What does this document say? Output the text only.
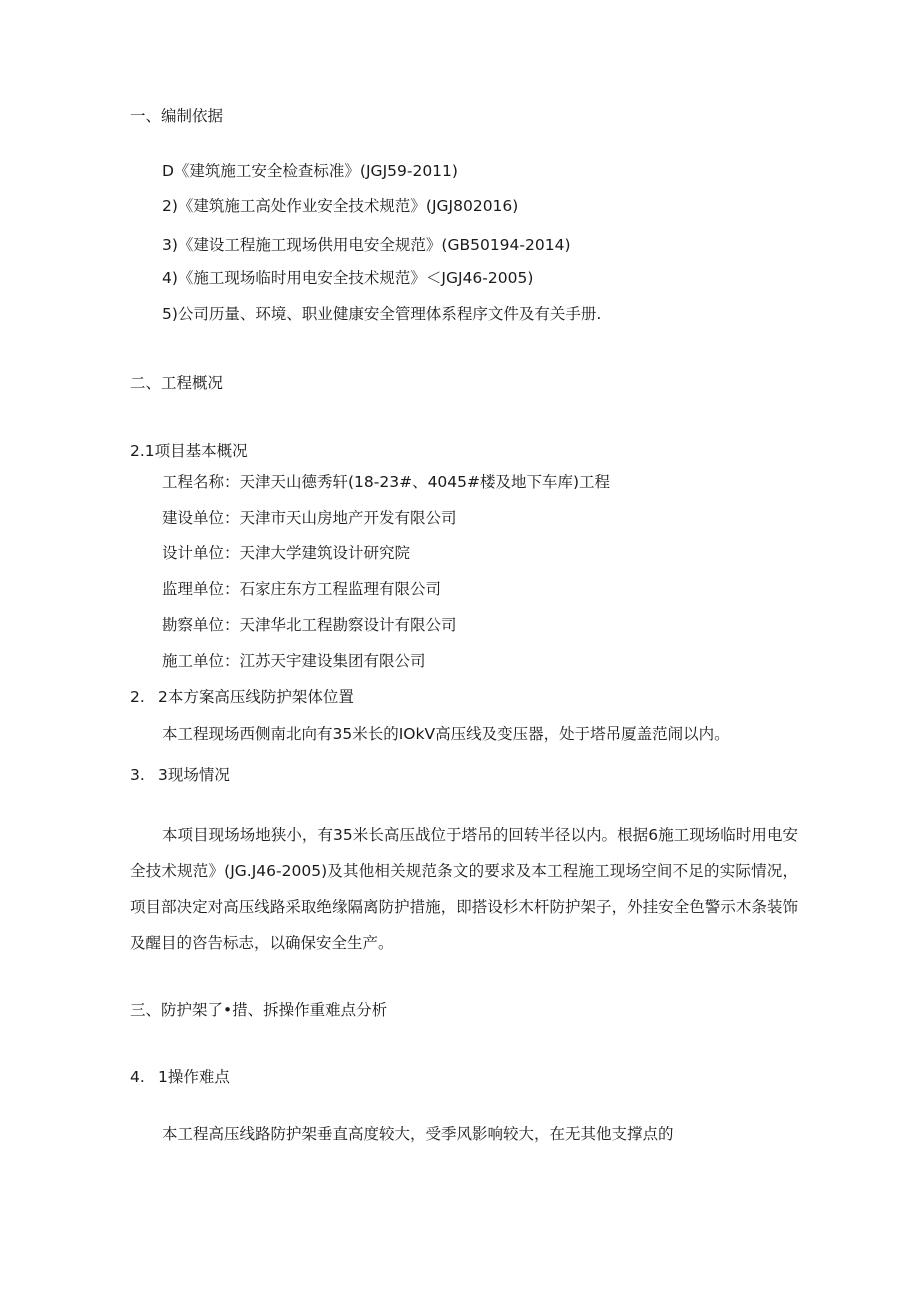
一、编制依据
D《建筑施工安全检查标准》(JGJ59-2011)
2)《建筑施工高处作业安全技术规范》(JGJ802016)
3)《建设工程施工现场供用电安全规范》(GB50194-2014)
4)《施工现场临时用电安全技术规范》＜JGJ46-2005)
5)公司历量、环境、职业健康安全管理体系程序文件及有关手册.
二、工程概况
2.1项目基本概况
工程名称：天津天山德秀轩(18-23#、4045#楼及地下车库)工程
建设单位：天津市天山房地产开发有限公司
设计单位：天津大学建筑设计研究院
监理单位：石家庄东方工程监理有限公司
勘察单位：天津华北工程勘察设计有限公司
施工单位：江苏天宇建设集团有限公司
2. 2本方案高压线防护架体位置
本工程现场西侧南北向有35米长的IOkV高压线及变压器，处于塔吊厦盖范闹以内。
3. 3现场情况
本项目现场场地狭小，有35米长高压战位于塔吊的回转半径以内。根据6施工现场临时用电安全技术规范》(JG.J46-2005)及其他相关规范条文的要求及本工程施工现场空间不足的实际情况，项目部决定对高压线路采取绝缘隔离防护措施，即搭设杉木杆防护架子，外挂安全色警示木条装饰及醒目的咨告标志，以确保安全生产。
三、防护架了•措、拆操作重难点分析
4. 1操作难点
本工程高压线路防护架垂直高度较大，受季风影响较大，在无其他支撑点的
